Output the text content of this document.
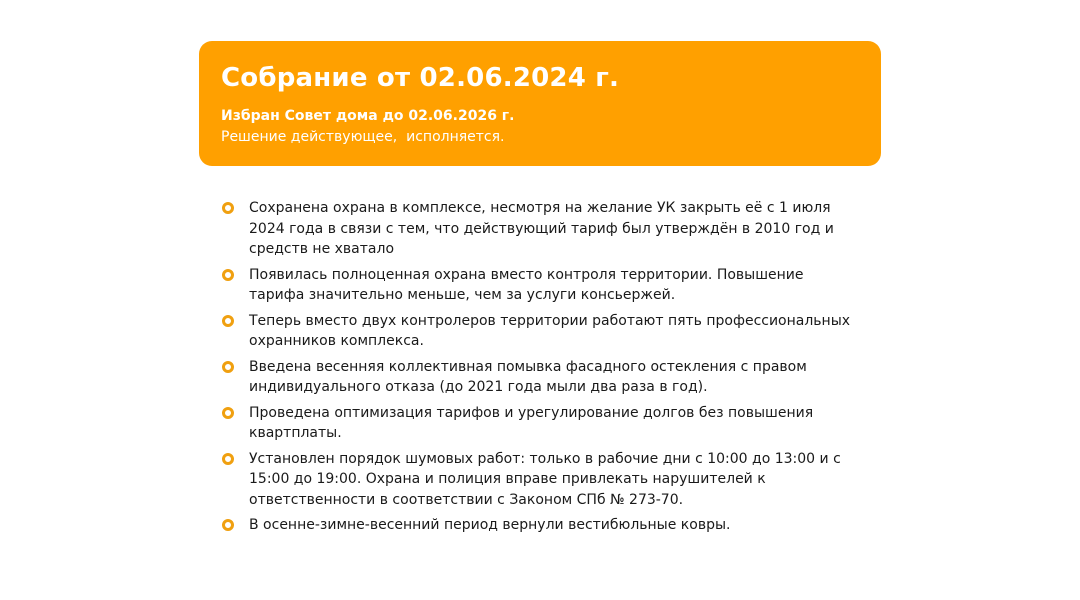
Собрание от 02.06.2024 г.
Избран Совет дома до 02.06.2026 г.
Решение действующее,  исполняется.
Сохранена охрана в комплексе, несмотря на желание УК закрыть её с 1 июля 2024 года в связи с тем, что действующий тариф был утверждён в 2010 год и средств не хватало
Появилась полноценная охрана вместо контроля территории. Повышение тарифа значительно меньше, чем за услуги консьержей.
Теперь вместо двух контролеров территории работают пять профессиональных охранников комплекса.
Введена весенняя коллективная помывка фасадного остекления с правом индивидуального отказа (до 2021 года мыли два раза в год).
Проведена оптимизация тарифов и урегулирование долгов без повышения квартплаты.
Установлен порядок шумовых работ: только в рабочие дни с 10:00 до 13:00 и с 15:00 до 19:00. Охрана и полиция вправе привлекать нарушителей к ответственности в соответствии с Законом СПб № 273-70.
В осенне-зимне-весенний период вернули вестибюльные ковры.
